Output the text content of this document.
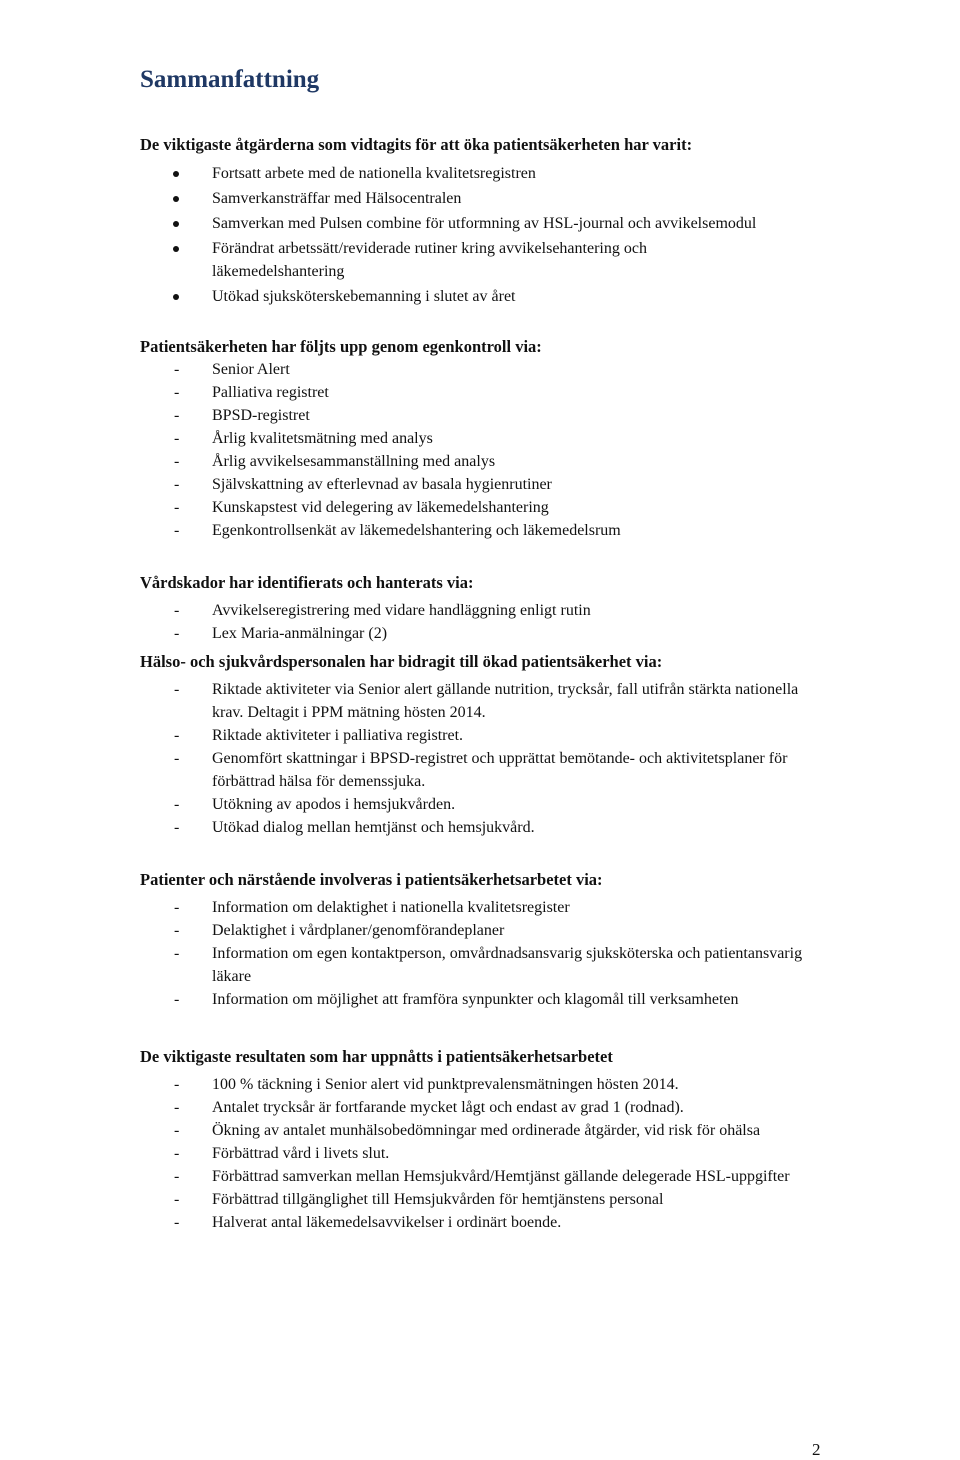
Sammanfattning

De viktigaste åtgärderna som vidtagits för att öka patientsäkerheten har varit:

Fortsatt arbete med de nationella kvalitetsregistren
Samverkansträffar med Hälsocentralen
Samverkan med Pulsen combine för utformning av HSL-journal och avvikelsemodul
Förändrat arbetssätt/reviderade rutiner kring avvikelsehantering och läkemedelshantering
Utökad sjuksköterskebemanning i slutet av året

Patientsäkerheten har följts upp genom egenkontroll via:

- Senior Alert
- Palliativa registret
- BPSD-registret
- Årlig kvalitetsmätning med analys
- Årlig avvikelsesammanställning med analys
- Självskattning av efterlevnad av basala hygienrutiner
- Kunskapstest vid delegering av läkemedelshantering
- Egenkontrollsenkät av läkemedelshantering och läkemedelsrum

Vårdskador har identifierats och hanterats via:

- Avvikelseregistrering med vidare handläggning enligt rutin
- Lex Maria-anmälningar (2)

Hälso- och sjukvårdspersonalen har bidragit till ökad patientsäkerhet via:

- Riktade aktiviteter via Senior alert gällande nutrition, trycksår, fall utifrån stärkta nationella krav. Deltagit i PPM mätning hösten 2014.
- Riktade aktiviteter i palliativa registret.
- Genomfört skattningar i BPSD-registret och upprättat bemötande- och aktivitetsplaner för förbättrad hälsa för demenssjuka.
- Utökning av apodos i hemsjukvården.
- Utökad dialog mellan hemtjänst och hemsjukvård.

Patienter och närstående involveras i patientsäkerhetsarbetet via:

- Information om delaktighet i nationella kvalitetsregister
- Delaktighet i vårdplaner/genomförandeplaner
- Information om egen kontaktperson, omvårdnadsansvarig sjuksköterska och patientansvarig läkare
- Information om möjlighet att framföra synpunkter och klagomål till verksamheten

De viktigaste resultaten som har uppnåtts i patientsäkerhetsarbetet

- 100 % täckning i Senior alert vid punktprevalensmätningen hösten 2014.
- Antalet trycksår är fortfarande mycket lågt och endast av grad 1 (rodnad).
- Ökning av antalet munhälsobedömningar med ordinerade åtgärder, vid risk för ohälsa
- Förbättrad vård i livets slut.
- Förbättrad samverkan mellan Hemsjukvård/Hemtjänst gällande delegerade HSL-uppgifter
- Förbättrad tillgänglighet till Hemsjukvården för hemtjänstens personal
- Halverat antal läkemedelsavvikelser i ordinärt boende.
2
